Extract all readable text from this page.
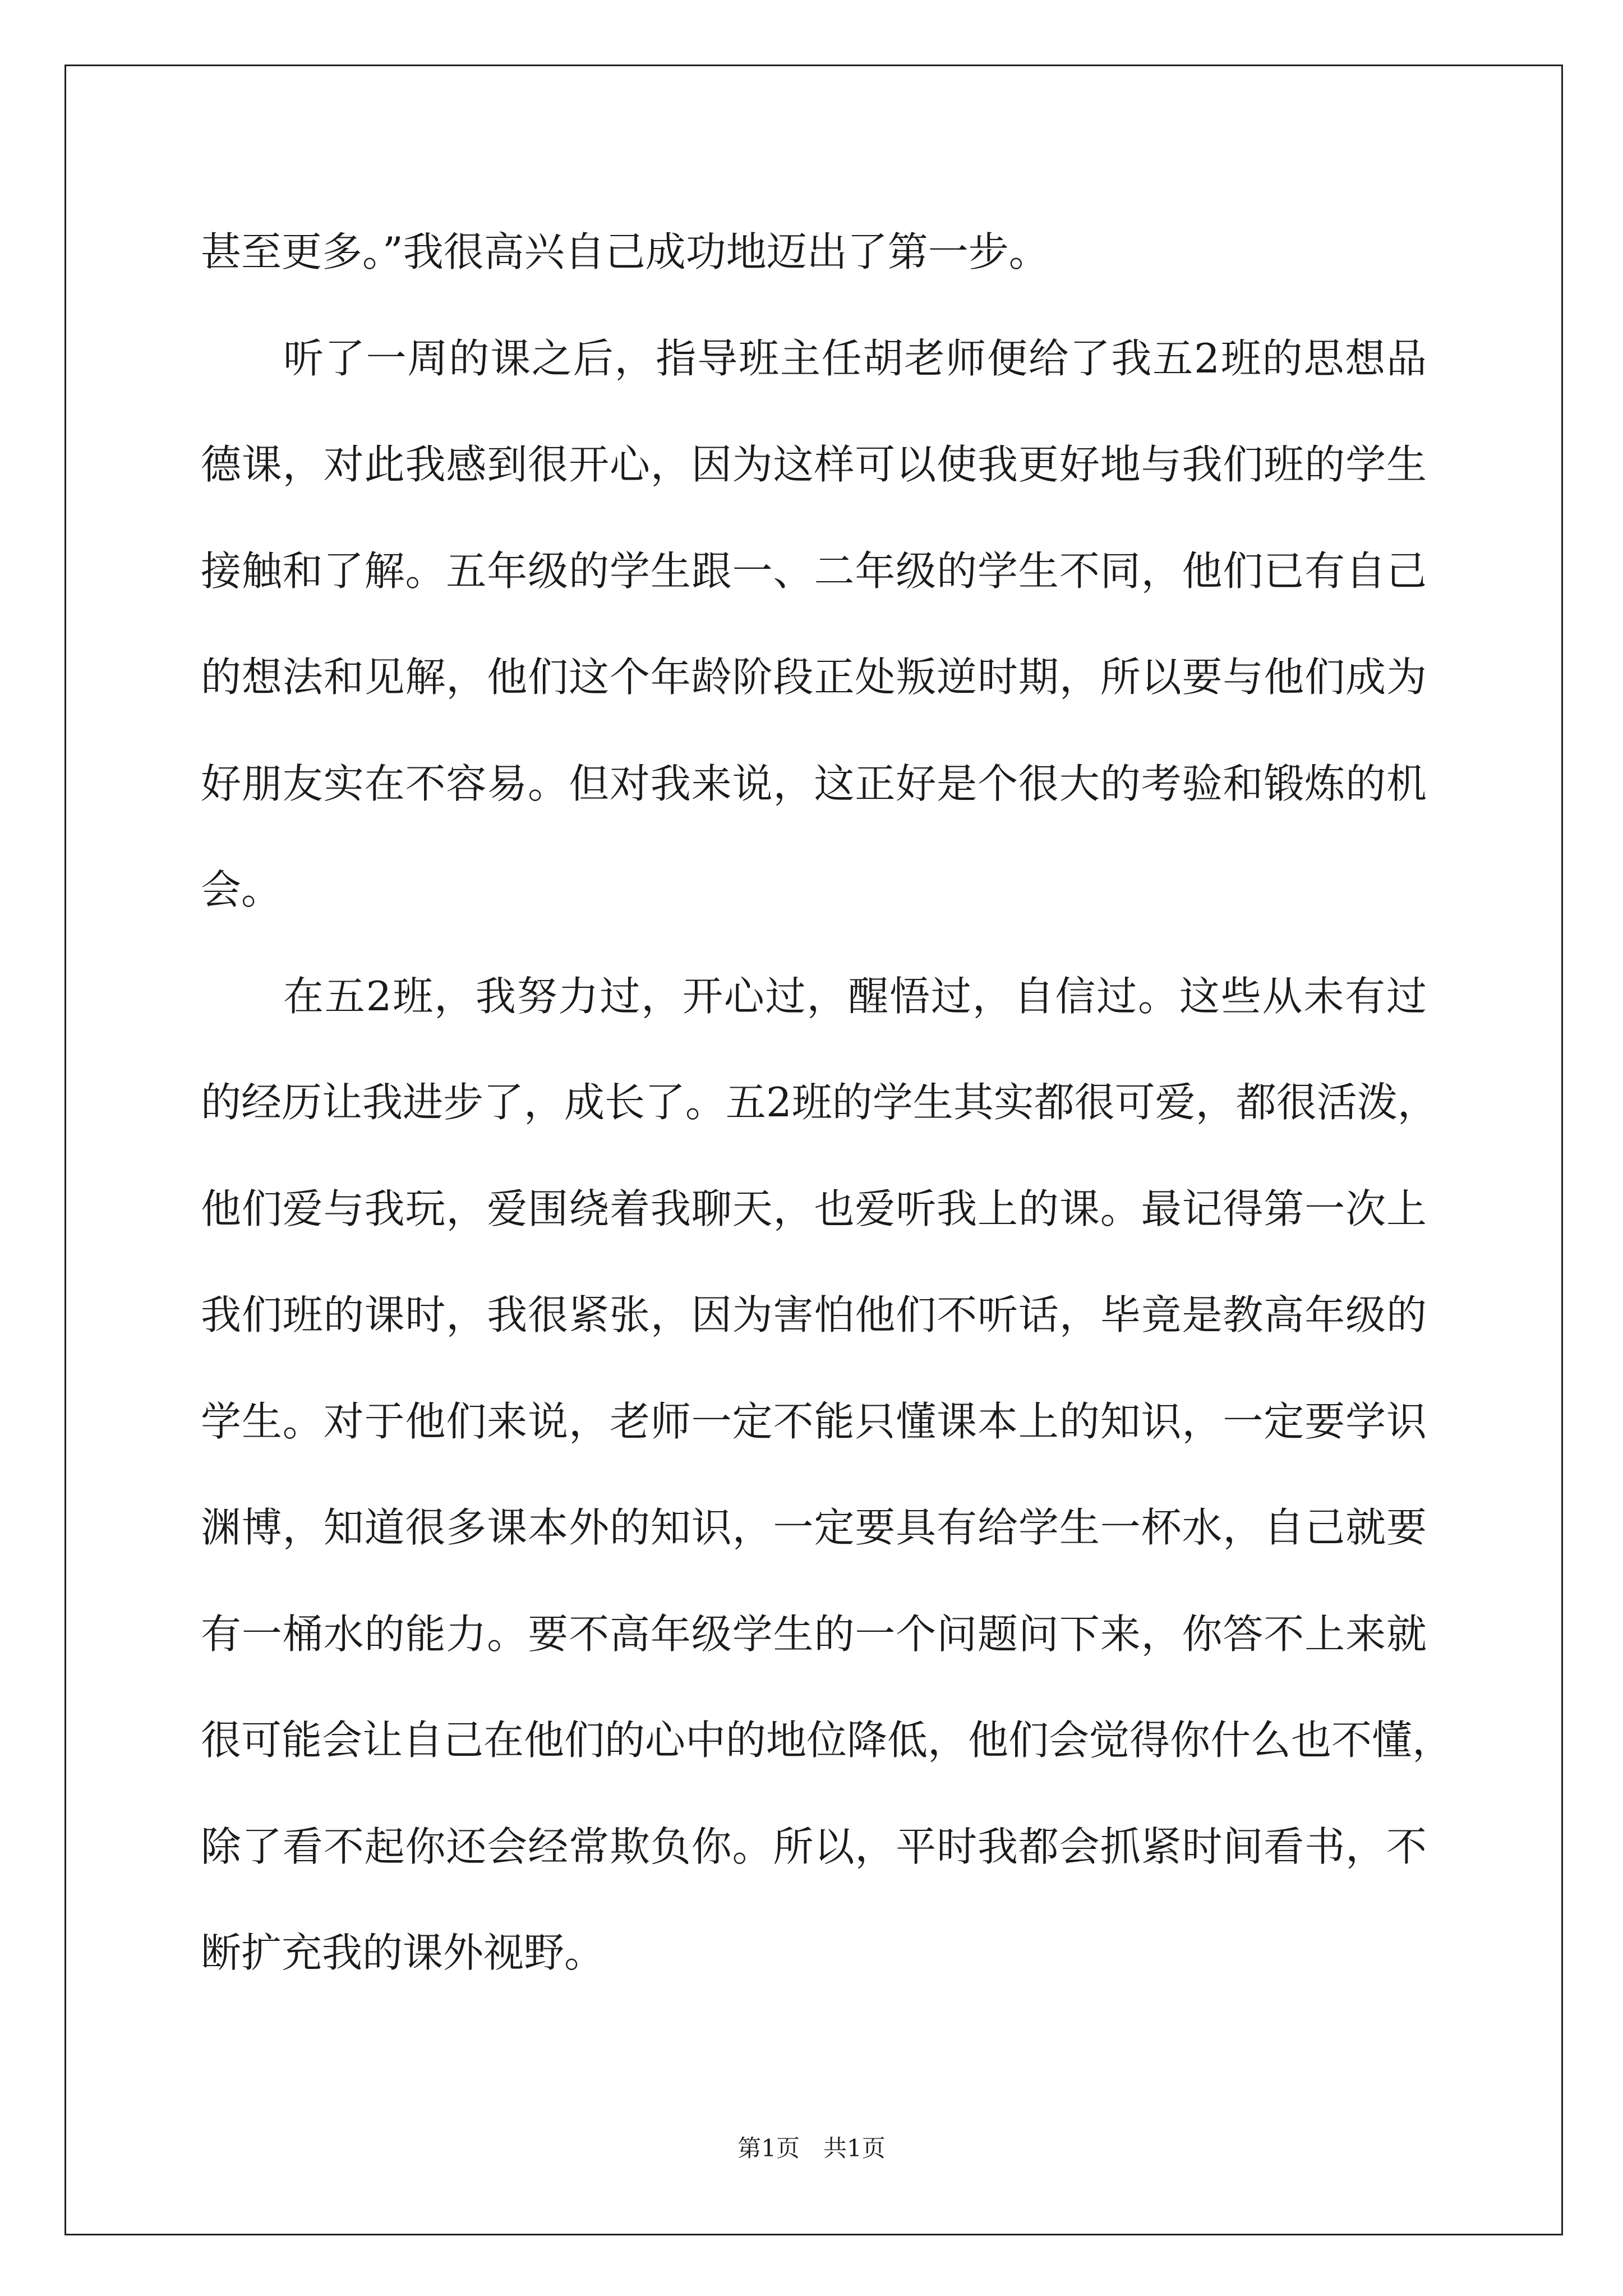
甚至更多。”我很高兴自己成功地迈出了第一步。
听了一周的课之后，指导班主任胡老师便给了我五2班的思想品
德课，对此我感到很开心，因为这样可以使我更好地与我们班的学生
接触和了解。五年级的学生跟一、二年级的学生不同，他们已有自己
的想法和见解，他们这个年龄阶段正处叛逆时期，所以要与他们成为
好朋友实在不容易。但对我来说，这正好是个很大的考验和锻炼的机
会。
在五2班，我努力过，开心过，醒悟过，自信过。这些从未有过
的经历让我进步了，成长了。五2班的学生其实都很可爱，都很活泼，
他们爱与我玩，爱围绕着我聊天，也爱听我上的课。最记得第一次上
我们班的课时，我很紧张，因为害怕他们不听话，毕竟是教高年级的
学生。对于他们来说，老师一定不能只懂课本上的知识，一定要学识
渊博，知道很多课本外的知识，一定要具有给学生一杯水，自己就要
有一桶水的能力。要不高年级学生的一个问题问下来，你答不上来就
很可能会让自己在他们的心中的地位降低，他们会觉得你什么也不懂，
除了看不起你还会经常欺负你。所以，平时我都会抓紧时间看书，不
断扩充我的课外视野。
第1页　共1页
